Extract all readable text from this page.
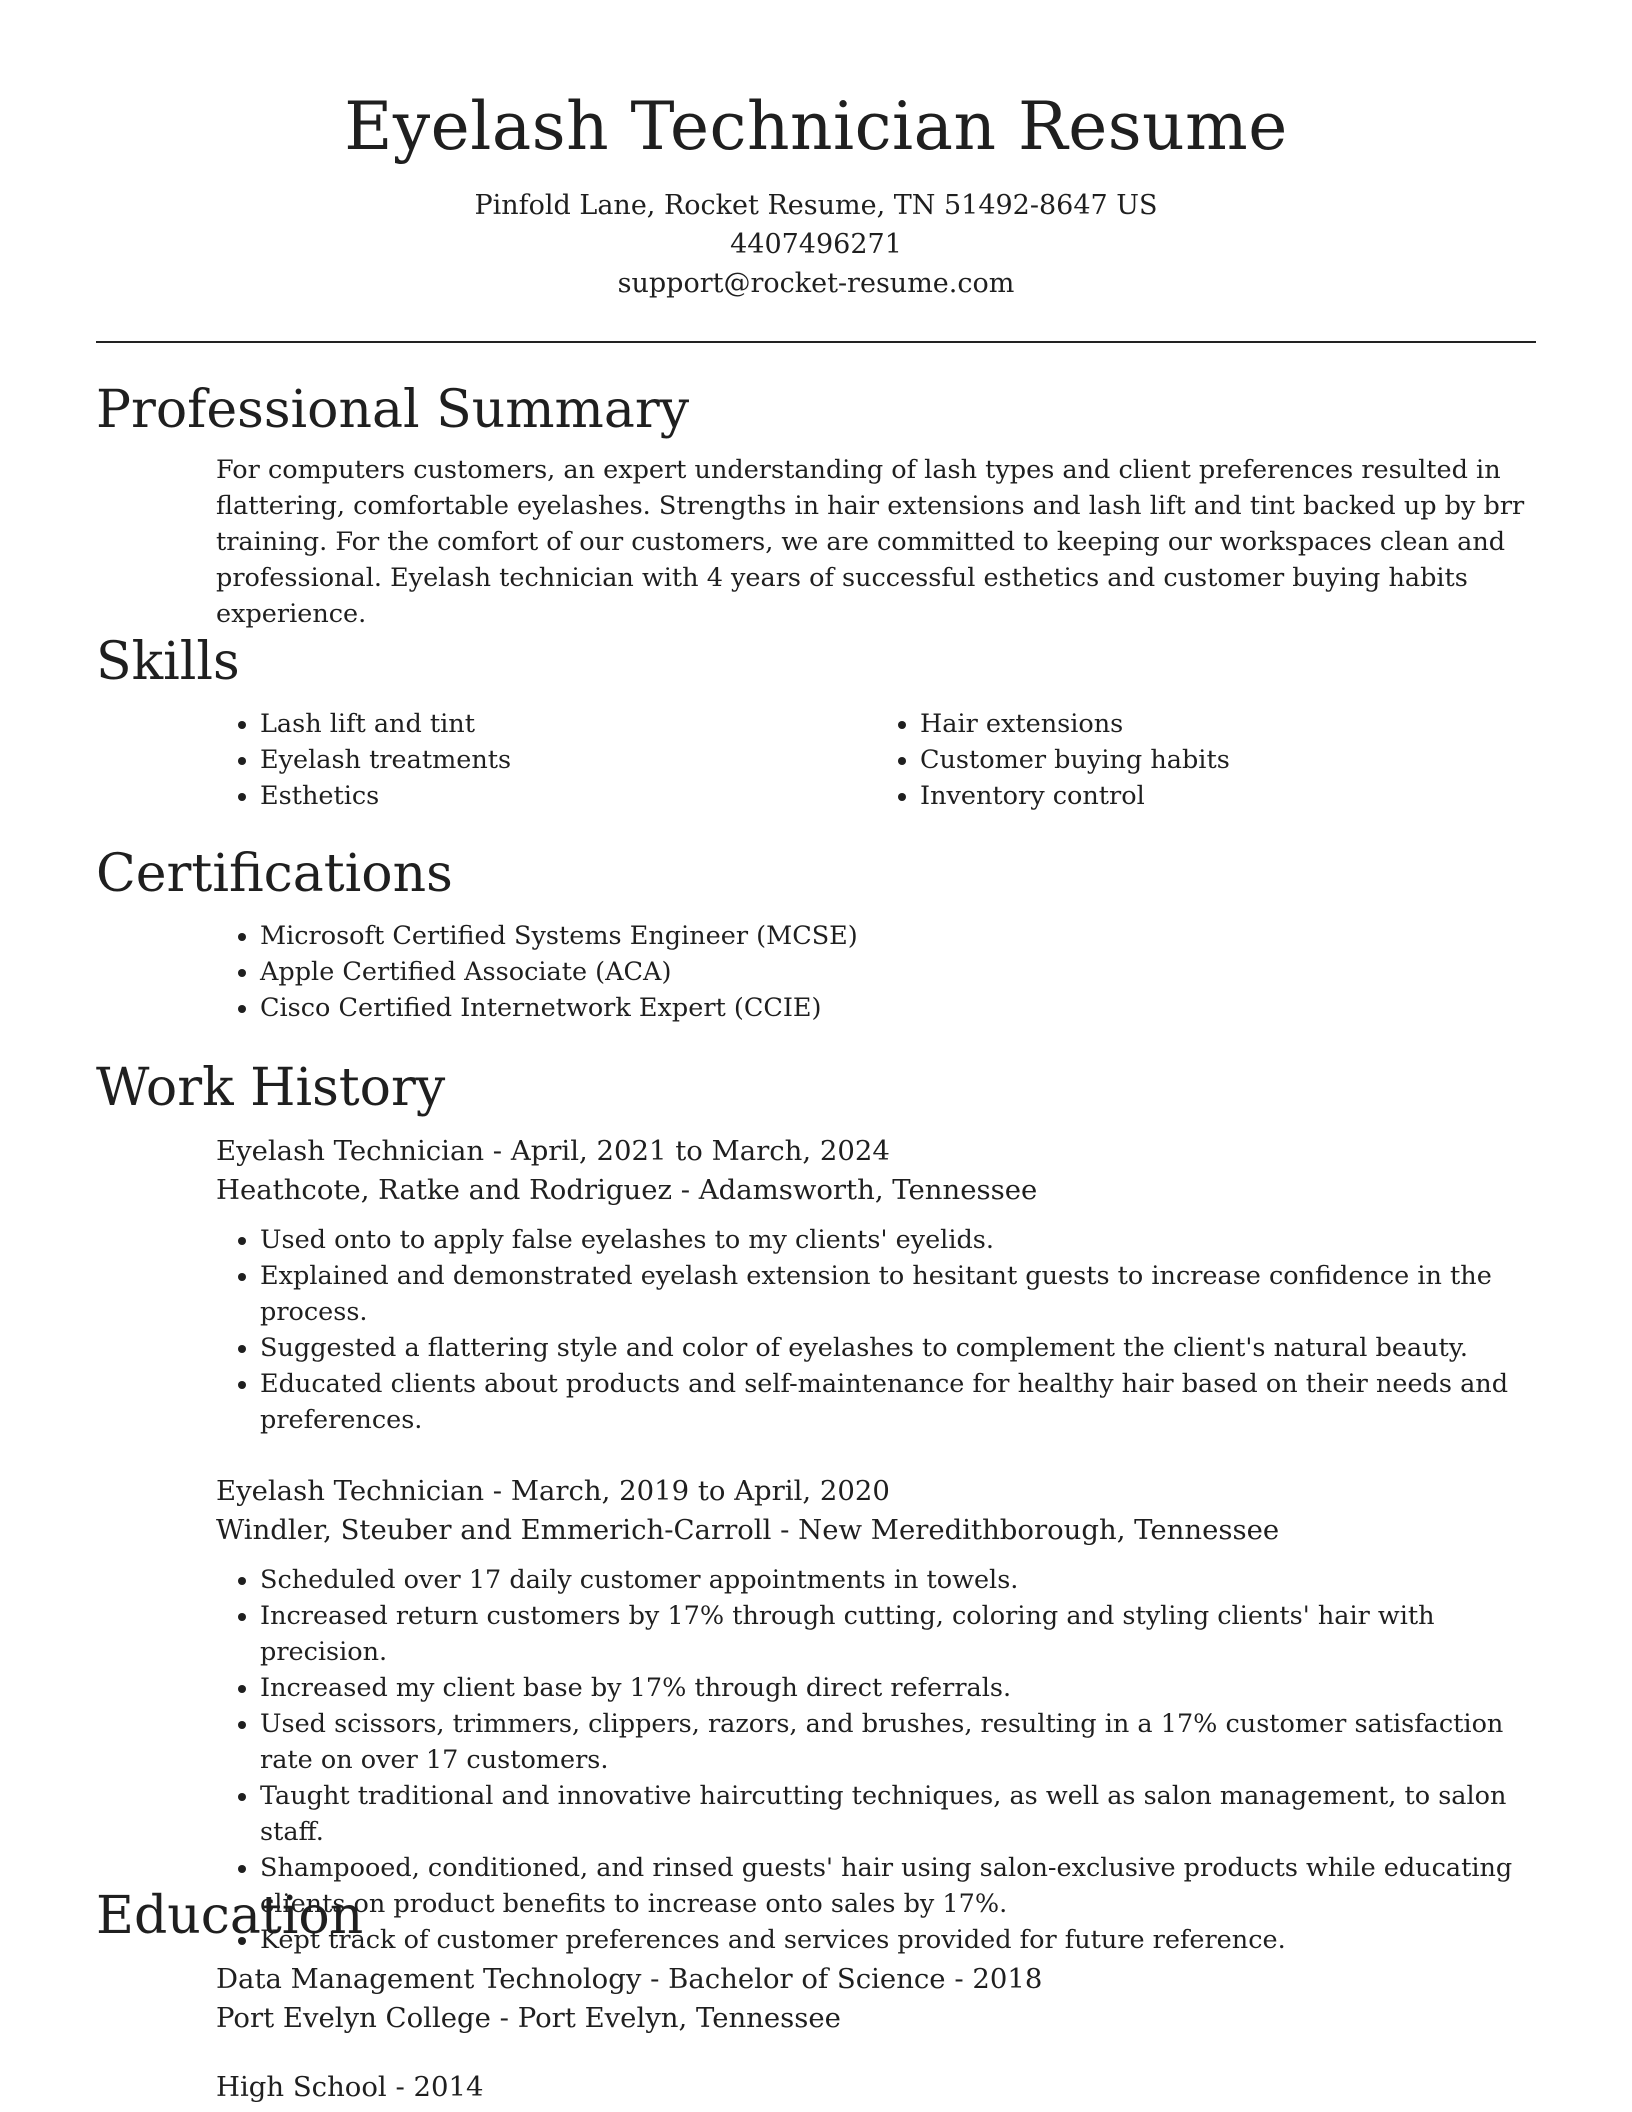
Eyelash Technician Resume
Pinfold Lane, Rocket Resume, TN 51492-8647 US
4407496271
support@rocket-resume.com
Professional Summary
For computers customers, an expert understanding of lash types and client preferences resulted in flattering, comfortable eyelashes. Strengths in hair extensions and lash lift and tint backed up by brr training. For the comfort of our customers, we are committed to keeping our workspaces clean and professional. Eyelash technician with 4 years of successful esthetics and customer buying habits experience.
Skills
• Lash lift and tint
• Eyelash treatments
• Esthetics
• Hair extensions
• Customer buying habits
• Inventory control
Certifications
• Microsoft Certified Systems Engineer (MCSE)
• Apple Certified Associate (ACA)
• Cisco Certified Internetwork Expert (CCIE)
Work History
Eyelash Technician - April, 2021 to March, 2024
Heathcote, Ratke and Rodriguez - Adamsworth, Tennessee
• Used onto to apply false eyelashes to my clients' eyelids.
• Explained and demonstrated eyelash extension to hesitant guests to increase confidence in the process.
• Suggested a flattering style and color of eyelashes to complement the client's natural beauty.
• Educated clients about products and self-maintenance for healthy hair based on their needs and preferences.
Eyelash Technician - March, 2019 to April, 2020
Windler, Steuber and Emmerich-Carroll - New Meredithborough, Tennessee
• Scheduled over 17 daily customer appointments in towels.
• Increased return customers by 17% through cutting, coloring and styling clients' hair with precision.
• Increased my client base by 17% through direct referrals.
• Used scissors, trimmers, clippers, razors, and brushes, resulting in a 17% customer satisfaction rate on over 17 customers.
• Taught traditional and innovative haircutting techniques, as well as salon management, to salon staff.
• Shampooed, conditioned, and rinsed guests' hair using salon-exclusive products while educating clients on product benefits to increase onto sales by 17%.
• Kept track of customer preferences and services provided for future reference.
Education
Data Management Technology - Bachelor of Science - 2018
Port Evelyn College - Port Evelyn, Tennessee
High School - 2014
